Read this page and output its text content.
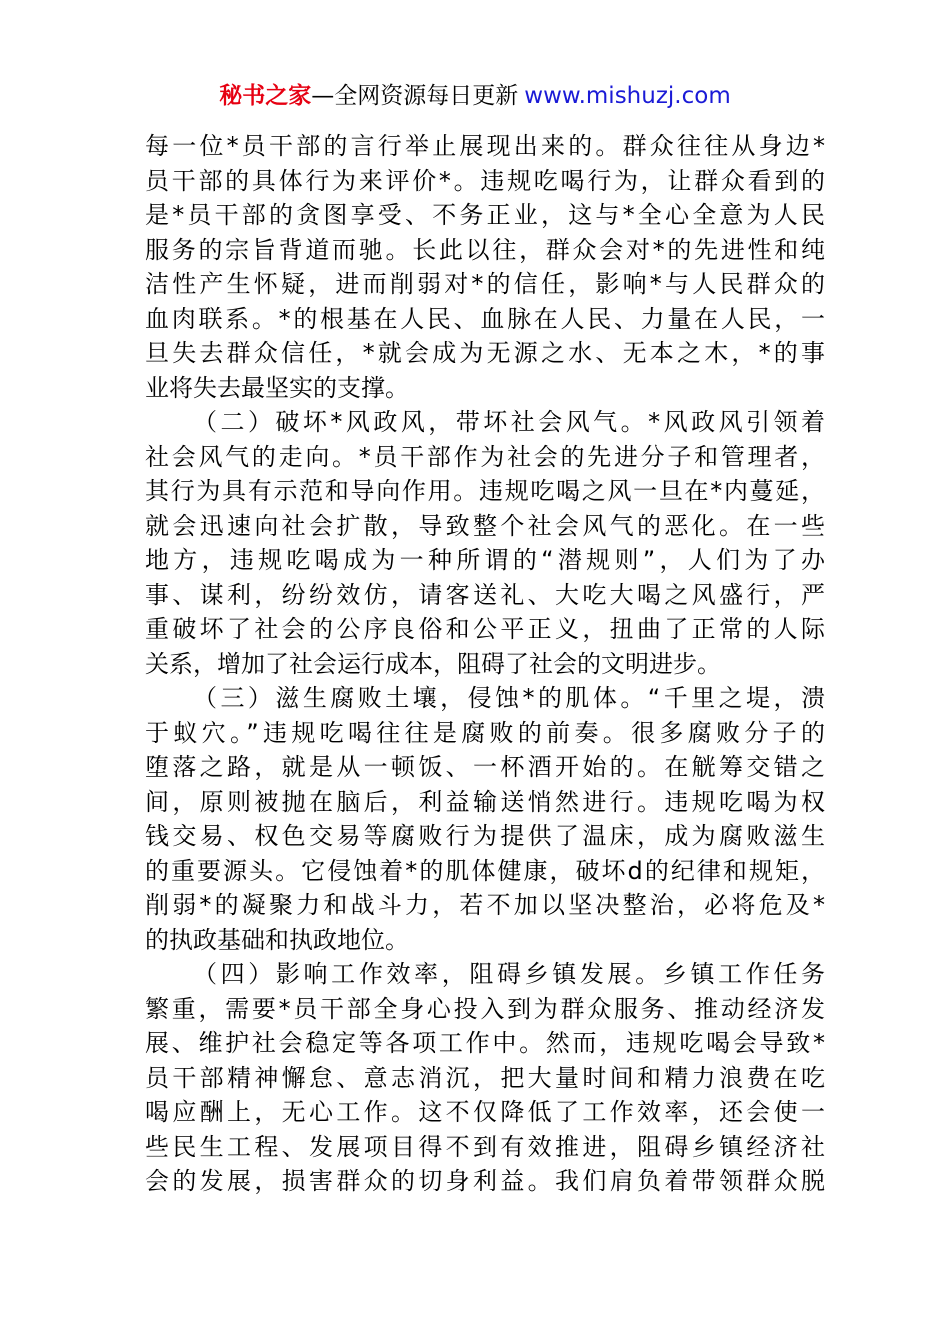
秘书之家—全网资源每日更新 www.mishuzj.com
每一位*员干部的言行举止展现出来的。群众往往从身边*
员干部的具体行为来评价*。违规吃喝行为，让群众看到的
是*员干部的贪图享受、不务正业，这与*全心全意为人民
服务的宗旨背道而驰。长此以往，群众会对*的先进性和纯
洁性产生怀疑，进而削弱对*的信任，影响*与人民群众的
血肉联系。*的根基在人民、血脉在人民、力量在人民，一
旦失去群众信任，*就会成为无源之水、无本之木，*的事
业将失去最坚实的支撑。
（二）破坏*风政风，带坏社会风气。*风政风引领着
社会风气的走向。*员干部作为社会的先进分子和管理者，
其行为具有示范和导向作用。违规吃喝之风一旦在*内蔓延，
就会迅速向社会扩散，导致整个社会风气的恶化。在一些
地方，违规吃喝成为一种所谓的“潜规则”，人们为了办
事、谋利，纷纷效仿，请客送礼、大吃大喝之风盛行，严
重破坏了社会的公序良俗和公平正义，扭曲了正常的人际
关系，增加了社会运行成本，阻碍了社会的文明进步。
（三）滋生腐败土壤，侵蚀*的肌体。“千里之堤，溃
于蚁穴。”违规吃喝往往是腐败的前奏。很多腐败分子的
堕落之路，就是从一顿饭、一杯酒开始的。在觥筹交错之
间，原则被抛在脑后，利益输送悄然进行。违规吃喝为权
钱交易、权色交易等腐败行为提供了温床，成为腐败滋生
的重要源头。它侵蚀着*的肌体健康，破坏d的纪律和规矩，
削弱*的凝聚力和战斗力，若不加以坚决整治，必将危及*
的执政基础和执政地位。
（四）影响工作效率，阻碍乡镇发展。乡镇工作任务
繁重，需要*员干部全身心投入到为群众服务、推动经济发
展、维护社会稳定等各项工作中。然而，违规吃喝会导致*
员干部精神懈怠、意志消沉，把大量时间和精力浪费在吃
喝应酬上，无心工作。这不仅降低了工作效率，还会使一
些民生工程、发展项目得不到有效推进，阻碍乡镇经济社
会的发展，损害群众的切身利益。我们肩负着带领群众脱
